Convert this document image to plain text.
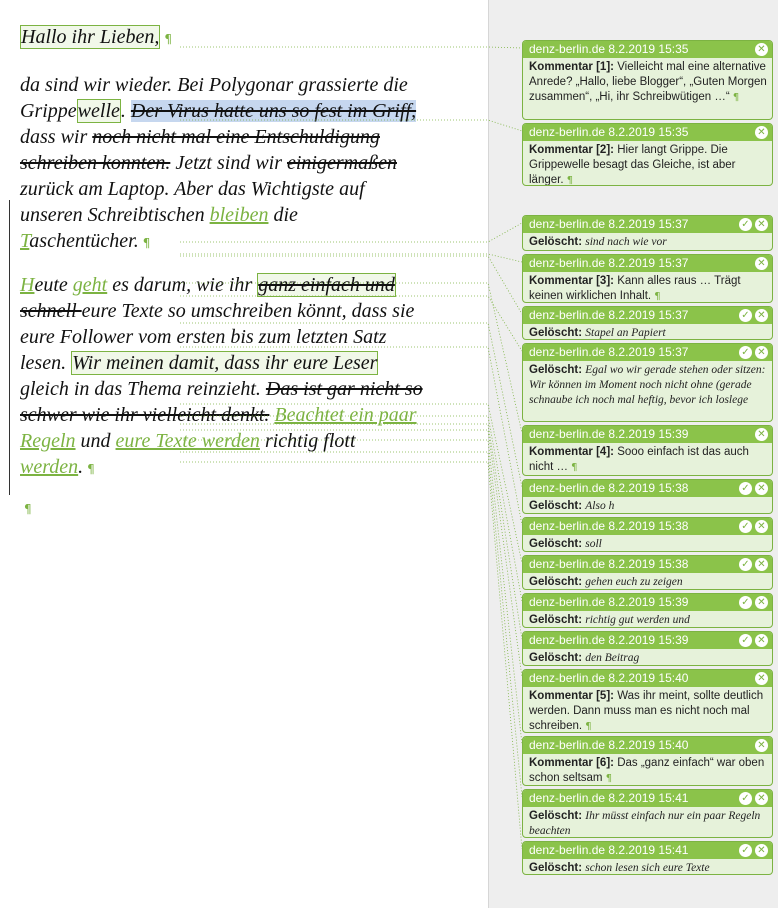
Hallo ihr Lieben, ¶
da sind wir wieder. Bei Polygonar grassierte die
Grippewelle. Der Virus hatte uns so fest im Griff,
dass wir noch nicht mal eine Entschuldigung
schreiben konnten. Jetzt sind wir einigermaßen
zurück am Laptop. Aber das Wichtigste auf
unseren Schreibtischen bleiben die
Taschentücher. ¶
Heute geht es darum, wie ihr ganz einfach und
schnell eure Texte so umschreiben könnt, dass sie
eure Follower vom ersten bis zum letzten Satz
lesen. Wir meinen damit, dass ihr eure Leser
gleich in das Thema reinzieht. Das ist gar nicht so
schwer wie ihr vielleicht denkt. Beachtet ein paar
Regeln und eure Texte werden richtig flott
werden. ¶
¶
denz-berlin.de 8.2.2019 15:35	✕
Kommentar [1]: Vielleicht mal eine alternative Anrede? „Hallo, liebe Blogger“, „Guten Morgen zusammen“, „Hi, ihr Schreibwütigen …“ ¶
denz-berlin.de 8.2.2019 15:35	✕
Kommentar [2]: Hier langt Grippe. Die Grippewelle besagt das Gleiche, ist aber länger. ¶
denz-berlin.de 8.2.2019 15:37	✓ ✕
Gelöscht: sind nach wie vor
denz-berlin.de 8.2.2019 15:37	✕
Kommentar [3]: Kann alles raus … Trägt keinen wirklichen Inhalt. ¶
denz-berlin.de 8.2.2019 15:37	✓ ✕
Gelöscht: Stapel an Papiert
denz-berlin.de 8.2.2019 15:37	✓ ✕
Gelöscht: Egal wo wir gerade stehen oder sitzen: Wir können im Moment noch nicht ohne (gerade schnaube ich noch mal heftig, bevor ich loslege
denz-berlin.de 8.2.2019 15:39	✕
Kommentar [4]: Sooo einfach ist das auch nicht … ¶
denz-berlin.de 8.2.2019 15:38	✓ ✕
Gelöscht: Also h
denz-berlin.de 8.2.2019 15:38	✓ ✕
Gelöscht: soll
denz-berlin.de 8.2.2019 15:38	✓ ✕
Gelöscht: gehen euch zu zeigen
denz-berlin.de 8.2.2019 15:39	✓ ✕
Gelöscht: richtig gut werden und
denz-berlin.de 8.2.2019 15:39	✓ ✕
Gelöscht: den Beitrag
denz-berlin.de 8.2.2019 15:40	✕
Kommentar [5]: Was ihr meint, sollte deutlich werden. Dann muss man es nicht noch mal schreiben. ¶
denz-berlin.de 8.2.2019 15:40	✕
Kommentar [6]: Das „ganz einfach“ war oben schon seltsam ¶
denz-berlin.de 8.2.2019 15:41	✓ ✕
Gelöscht: Ihr müsst einfach nur ein paar Regeln beachten
denz-berlin.de 8.2.2019 15:41	✓ ✕
Gelöscht: schon lesen sich eure Texte
